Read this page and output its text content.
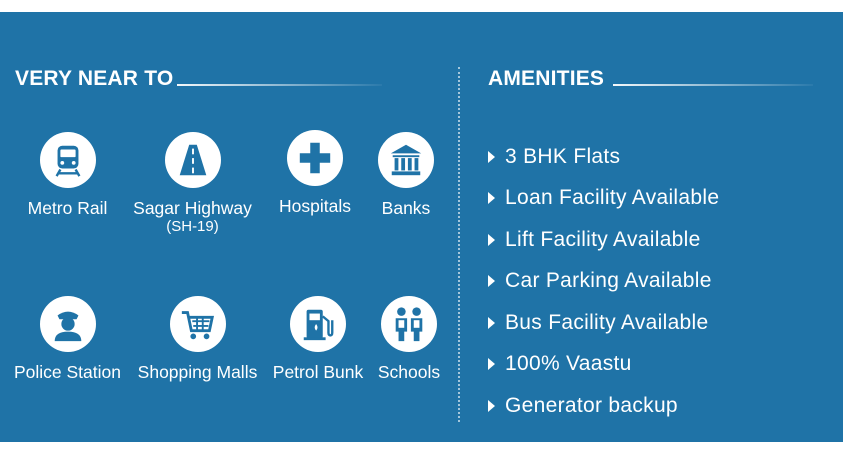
VERY NEAR TO	AMENITIES
Metro Rail	Sagar Highway
(SH-19)
Hospitals	Banks
Police Station Shopping Malls Petrol Bunk Schools
3 BHK Flats
Loan Facility Available
Lift Facility Available
Car Parking Available
Bus Facility Available
100% Vaastu
Generator backup
